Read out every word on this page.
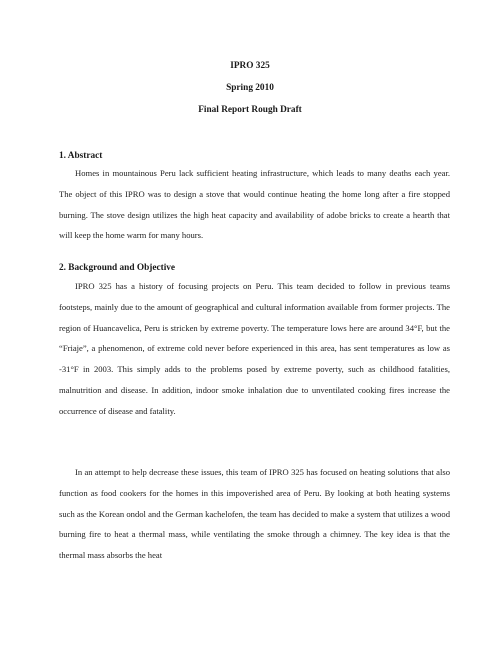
IPRO 325
Spring 2010
Final Report Rough Draft
1. Abstract

Homes in mountainous Peru lack sufficient heating infrastructure, which leads to many deaths each year. The object of this IPRO was to design a stove that would continue heating the home long after a fire stopped burning. The stove design utilizes the high heat capacity and availability of adobe bricks to create a hearth that will keep the home warm for many hours.

2. Background and Objective

IPRO 325 has a history of focusing projects on Peru. This team decided to follow in previous teams footsteps, mainly due to the amount of geographical and cultural information available from former projects. The region of Huancavelica, Peru is stricken by extreme poverty. The temperature lows here are around 34°F, but the “Friaje”, a phenomenon, of extreme cold never before experienced in this area, has sent temperatures as low as -31°F in 2003. This simply adds to the problems posed by extreme poverty, such as childhood fatalities, malnutrition and disease. In addition, indoor smoke inhalation due to unventilated cooking fires increase the occurrence of disease and fatality.

In an attempt to help decrease these issues, this team of IPRO 325 has focused on heating solutions that also function as food cookers for the homes in this impoverished area of Peru. By looking at both heating systems such as the Korean ondol and the German kachelofen, the team has decided to make a system that utilizes a wood burning fire to heat a thermal mass, while ventilating the smoke through a chimney. The key idea is that the thermal mass absorbs the heat
